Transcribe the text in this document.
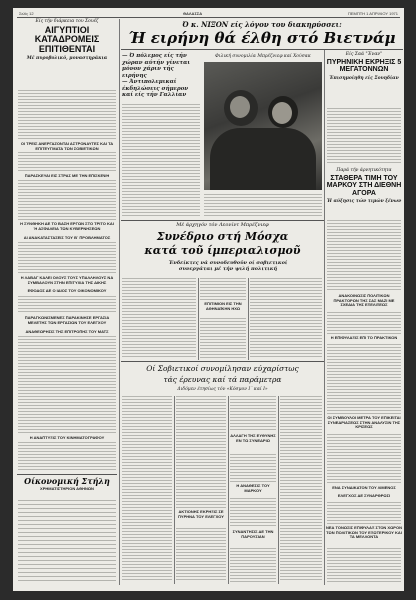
Σελίς 12	ΘΑΛΑΣΣΑ	ΠΕΜΠΤΗ 1 ΑΠΡΙΛΙΟΥ 1971
Είς τήν διάρκεια του Σουέζ
ΑΙΓΥΠΤΙΟΙ ΚΑΤΑΔΡΟΜΕΙΣ ΕΠΙΤΙΘΕΝΤΑΙ
Μέ πυροβολικό, μοναστηράκια
ΟΙ ΤΡΕΙΣ ΑΝΕΡΓΑΖΟΝΤΑΙ ΑΣΤΡΟΝΑΥΤΕΣ ΚΑΙ ΤΑ ΕΠΙΤΕΥΓΜΑΤΑ ΤΩΝ ΣΟΒΙΕΤΙΚΩΝ
ΠΑΡΑΣΚΕΥΑΙ ΕΙΣ ΣΤΡΑΣ ΜΕ ΤΗΝ ΕΠΙΣΚΕΨΗ
Η ΣΥΝΘΗΚΗ ΔΕ ΤΟ ΒΑΣΗ ΕΡΓΩΝ ΣΤΟ ΤΡΙΤΟ ΚΑΙ Ή ΑΣΦΑΛΕΙΑ ΤΩΝ ΚΥΒΕΡΝΗΣΕΩΝ
ΑΙ ΑΝΑΚΑΤΑΣΤΑΣΕΙΣ ΤΟΥ Β΄ ΠΡΟΒΛΗΜΑΤΟΣ
Η ΛΑΒΑΓ ΚΑΛΕΙ ΟΛΟΥΣ ΤΟΥΣ ΥΠΑΛΛΗΛΟΥΣ ΝΑ ΣΥΜΒΑΛΟΥΝ ΣΤΗΝ ΕΠΙΤΥΧΙΑ ΤΗΣ ΔΙΚΗΣ
ΕΦΟΔΟΣ ΔΕ Ο ΙΔΙΟΣ ΤΟΥ ΟΙΚΟΝΟΜΙΚΟΥ
ΠΑΡΑΓΚΩΝΙΣΜΕΝΕΣ ΠΑΡΑΚΙΝΗΣΕ ΕΡΓΑΣΙΑ ΜΕΛΕΤΗΣ ΤΩΝ ΕΡΓΑΣΙΩΝ ΤΟΥ ΕΛΕΓΧΟΥ
ΑΝΑΘΕΩΡΗΣΙΣ ΤΗΣ ΕΠΙΤΡΟΠΗΣ ΤΟΥ ΜΑΤΣ
Η ΑΝΑΠΤΥΞΙΣ ΤΟΥ ΚΙΝΗΜΑΤΟΓΡΑΦΟΥ
Οίκονομική Στήλη
ΧΡΗΜΑΤΙΣΤΗΡΙΟΝ ΑΘΗΝΩΝ
Ό κ. ΝΙΞΟΝ είς λόγον του διακηρύσσει:
Ή ειρήνη θά έλθη στό Βιετνάμ
— Ό πόλεμος είς τήν χώραν αύτήν γίνεται μόνον χάριν τής ειρήνης
— Άντιπολεμικαί έκδηλώσεις σήμερον καί είς τήν Γαλλίαν
Φιλική συνομιλία Μπρέζνιεφ καί Χούσακ	Είς Σαά "Έναν"
ΠΥΡΗΝΙΚΗ ΕΚΡΗΞΙΣ 5 ΜΕΓΑΤΟΝΝΩΝ
Έπισημοίηθη είς Σουηδίαν
Παρά τήν άρνητικότητα
ΣΤΑΘΕΡΑ ΤΙΜΗ ΤΟΥ ΜΑΡΚΟΥ ΣΤΗ ΔΙΕΘΝΗ ΑΓΟΡΑ
Ή αύξησις τών τιμών ξένων
Μέ άρχηγόν τόν Λεονίντ Μπρέζνιεφ
Συνέδριο στή Μόσχα
κατά τοῦ ίμπεριαλισμοῦ
Ένδείκτες νά συνοδευθοῦν οί σοβιετικοί συνεργάται μέ τήν ψιλή πολιτική
ΕΠΙΤΙΜΙΟΝ ΕΙΣ ΤΗΝ ΑΘΗΝΑΪΚΗΝ ΗΧΩ
Οί Σοβιετικοί συνομίλησαν εύχαρίστως
τάς έρευνας καί τά παράμετρα
Διδόμεν έτησίως τόν «Κόσμον Ι΄ καί Ι»
ΑΚΤΙΟΝΗΣ ΕΚΡΗΞΙΣ ΣΕ ΠΥΡΗΝΑ ΤΟΥ ΕΛΕΓΧΟΥ
ΑΛΛΑΓΗ ΤΗΣ ΕΥΘΥΝΗΣ ΕΝ ΤΩ ΣΥΝΕΔΡΙΩ
Η ΑΝΑΘΕΣΙΣ ΤΟΥ ΜΑΡΚΟΥ
ΣΥΝΑΝΤΗΣΙΣ ΔΕ ΤΗΝ ΠΑΡΟΥΣΙΑΝ
ΑΝΑΚΟΙΝΩΣΙΣ ΠΟΛΙΤΙΚΩΝ ΠΡΑΚΤΟΡΩΝ ΤΗΣ ΣΑΣ ΜΑΖΙ ΜΕ ΣΧΕΔΙΑ ΤΗΣ ΕΞΕΛΙΞΕΩΣ
Η ΕΠΙΦΥΛΑΞΙΣ ΕΠΙ ΤΟ ΠΡΑΚΤΙΚΟΝ
ΟΙ ΣΥΜΒΟΥΛΟΙ ΜΕΤΡΑ ΤΟΥ ΕΠΙΚΕΙΤΑΙ ΣΥΝΕΔΡΙΑΣΕΩΣ ΣΤΗΝ ΑΝΑΛΥΣΙΝ ΤΗΣ ΚΡΙΣΕΩΣ
ΕΝΑ ΣΥΝΔΙΚΑΤΟΝ ΤΟΥ ΛΙΜΕΝΟΣ
ΕΛΕΓΧΟΣ ΔΕ ΣΥΝΑΡΘΡΩΣΙ
ΝΕΑ ΤΟΝΩΣΙΣ ΕΠΙΦΥΛΑΞ ΣΤΟΝ ΧΩΡΟΝ ΤΩΝ ΠΟΛΙΤΙΚΩΝ ΤΟΥ ΕΞΩΤΕΡΙΚΟΥ ΚΑΙ ΤΑ ΜΕΛΛΟΝΤΑ
